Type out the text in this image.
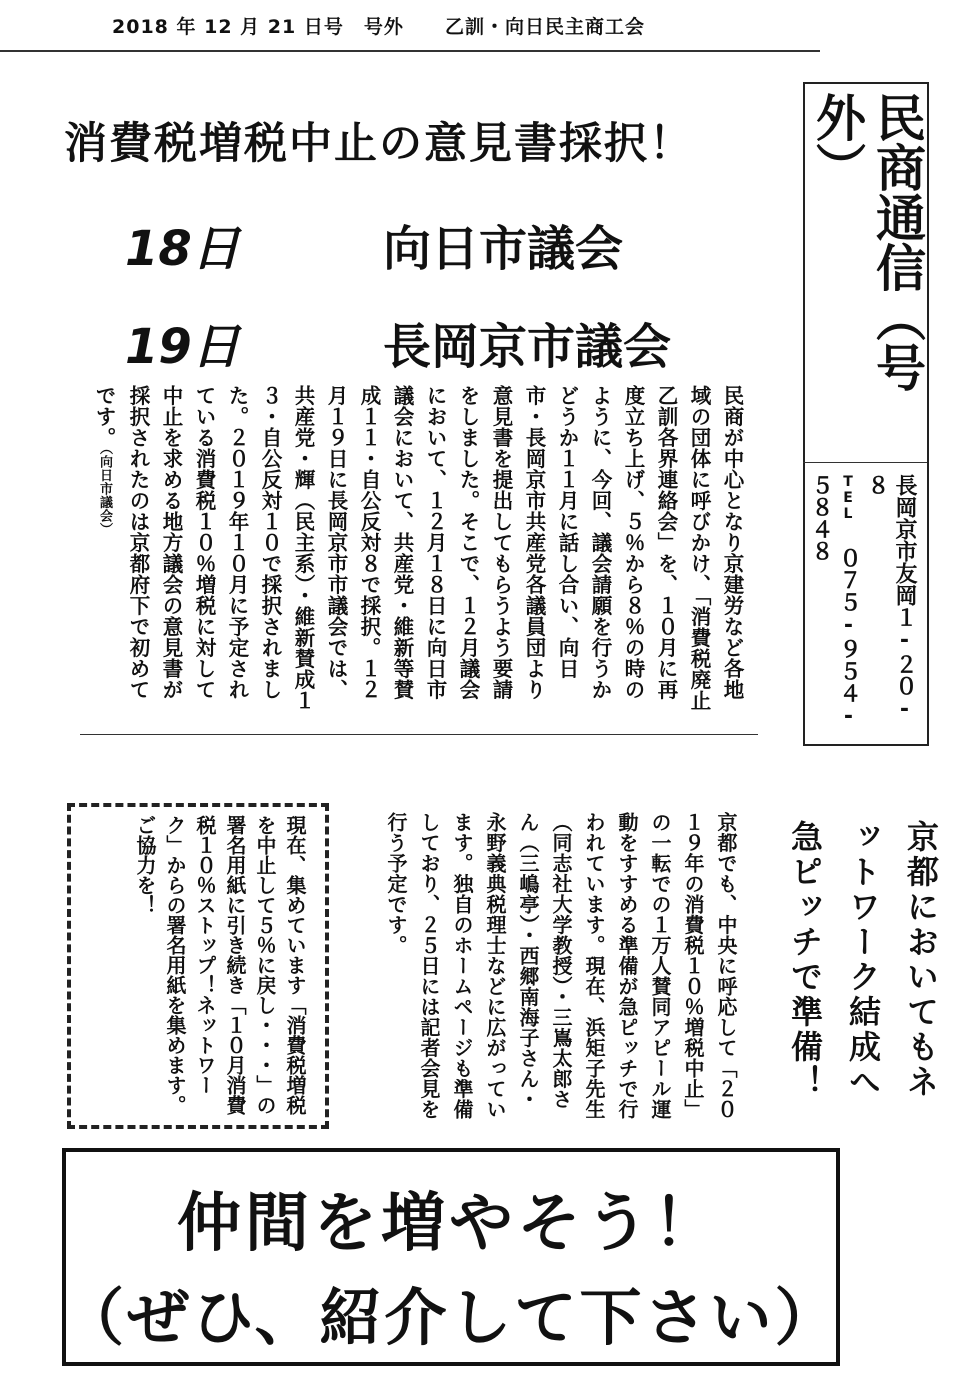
2018 年 12 月 21 日号　号外 乙訓・向日民主商工会
消費税増税中止の意見書採択！
18日	向日市議会
19日	長岡京市議会
民商が中心となり京建労など各地域の団体に呼びかけ、「消費税廃止乙訓各界連絡会」を、１０月に再度立ち上げ、５％から８％の時のように、今回、議会請願を行うかどうか１１月に話し合い、向日市・長岡京市共産党各議員団より意見書を提出してもらうよう要請をしました。そこで、１２月議会において、１２月１８日に向日市議会において、共産党・維新等賛成１１・自公反対８で採択。１２月１９日に長岡京市市議会では、共産党・輝（民主系）・維新賛成１３・自公反対１０で採択されました。２０１９年１０月に予定されている消費税１０％増税に対して中止を求める地方議会の意見書が採択されたのは京都府下で初めてです。（向日市議会）
民商通信（号外）
長岡京市友岡１-２０-８
TEL ０７５-９５４-５８４８
現在、集めています「消費税増税を中止して５％に戻し・・・」の署名用紙に引き続き「１０月消費税１０％ストップ！ネットワーク」からの署名用紙を集めます。ご協力を！	京都でも、中央に呼応して「２０１９年の消費税１０％増税中止」の一転での１万人賛同アピール運動をすすめる準備が急ピッチで行われています。現在、浜矩子先生（同志社大学教授）・三嶌太郎さん（三嶋亭）・西郷南海子さん・永野義典税理士などに広がっています。独自のホームページも準備しており、２５日には記者会見を行う予定です。	京都においてもネットワーク結成へ急ピッチで準備！
仲間を増やそう！
（ぜひ、紹介して下さい）
